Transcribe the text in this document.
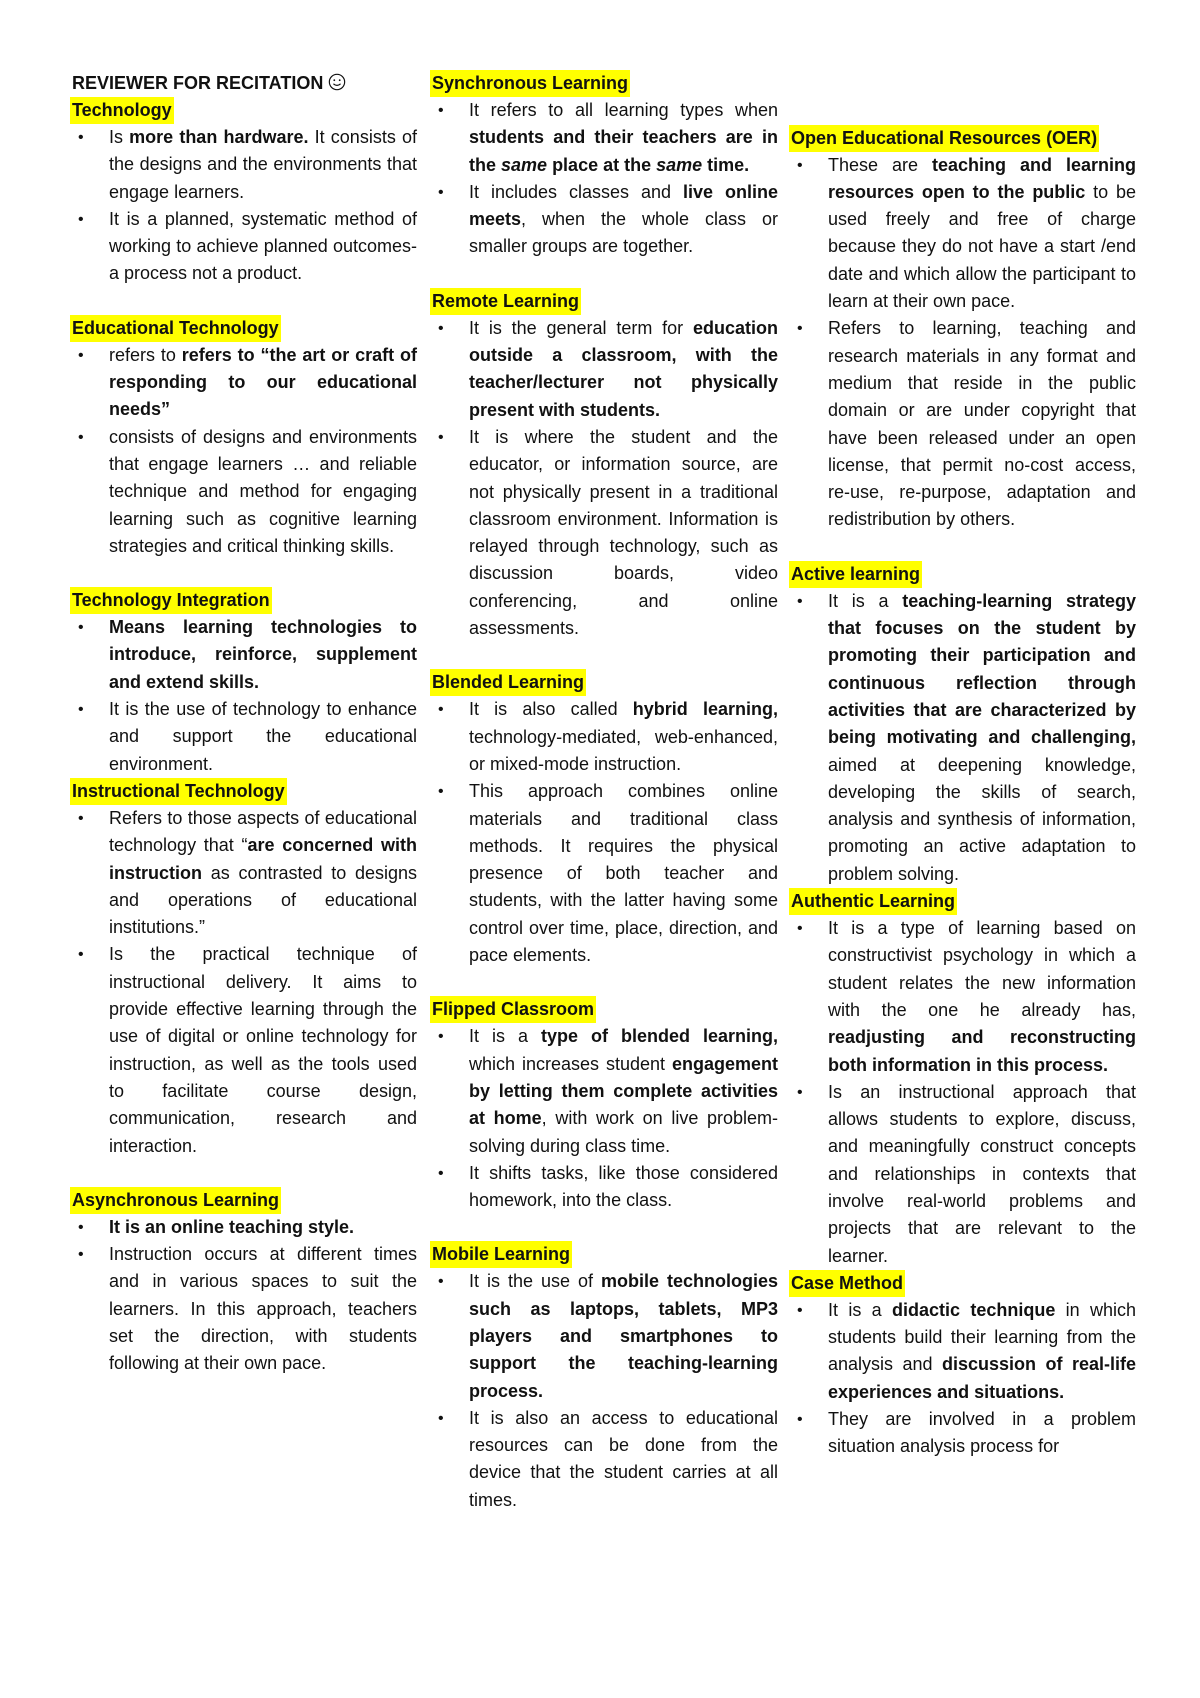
REVIEWER FOR RECITATION
Technology
• Is more than hardware. It consists of the designs and the environments that engage learners.
• It is a planned, systematic method of working to achieve planned outcomes-a process not a product.
Educational Technology
• refers to refers to “the art or craft of responding to our educational needs”
• consists of designs and environments that engage learners … and reliable technique and method for engaging learning such as cognitive learning strategies and critical thinking skills.
Technology Integration
• Means learning technologies to introduce, reinforce, supplement and extend skills.
• It is the use of technology to enhance and support the educational environment.
Instructional Technology
• Refers to those aspects of educational technology that “are concerned with instruction as contrasted to designs and operations of educational institutions.”
• Is the practical technique of instructional delivery. It aims to provide effective learning through the use of digital or online technology for instruction, as well as the tools used to facilitate course design, communication, research and interaction.
Asynchronous Learning
• It is an online teaching style.
• Instruction occurs at different times and in various spaces to suit the learners. In this approach, teachers set the direction, with students following at their own pace.
Synchronous Learning
• It refers to all learning types when students and their teachers are in the same place at the same time.
• It includes classes and live online meets, when the whole class or smaller groups are together.
Remote Learning
• It is the general term for education outside a classroom, with the teacher/lecturer not physically present with students.
• It is where the student and the educator, or information source, are not physically present in a traditional classroom environment. Information is relayed through technology, such as discussion boards, video conferencing, and online assessments.
Blended Learning
• It is also called hybrid learning, technology-mediated, web-enhanced, or mixed-mode instruction.
• This approach combines online materials and traditional class methods. It requires the physical presence of both teacher and students, with the latter having some control over time, place, direction, and pace elements.
Flipped Classroom
• It is a type of blended learning, which increases student engagement by letting them complete activities at home, with work on live problem-solving during class time.
• It shifts tasks, like those considered homework, into the class.
Mobile Learning
• It is the use of mobile technologies such as laptops, tablets, MP3 players and smartphones to support the teaching-learning process.
• It is also an access to educational resources can be done from the device that the student carries at all times.
Open Educational Resources (OER)
• These are teaching and learning resources open to the public to be used freely and free of charge because they do not have a start /end date and which allow the participant to learn at their own pace.
• Refers to learning, teaching and research materials in any format and medium that reside in the public domain or are under copyright that have been released under an open license, that permit no-cost access, re-use, re-purpose, adaptation and redistribution by others.
Active learning
• It is a teaching-learning strategy that focuses on the student by promoting their participation and continuous reflection through activities that are characterized by being motivating and challenging, aimed at deepening knowledge, developing the skills of search, analysis and synthesis of information, promoting an active adaptation to problem solving.
Authentic Learning
• It is a type of learning based on constructivist psychology in which a student relates the new information with the one he already has, readjusting and reconstructing both information in this process.
• Is an instructional approach that allows students to explore, discuss, and meaningfully construct concepts and relationships in contexts that involve real-world problems and projects that are relevant to the learner.
Case Method
• It is a didactic technique in which students build their learning from the analysis and discussion of real-life experiences and situations.
• They are involved in a problem situation analysis process for
